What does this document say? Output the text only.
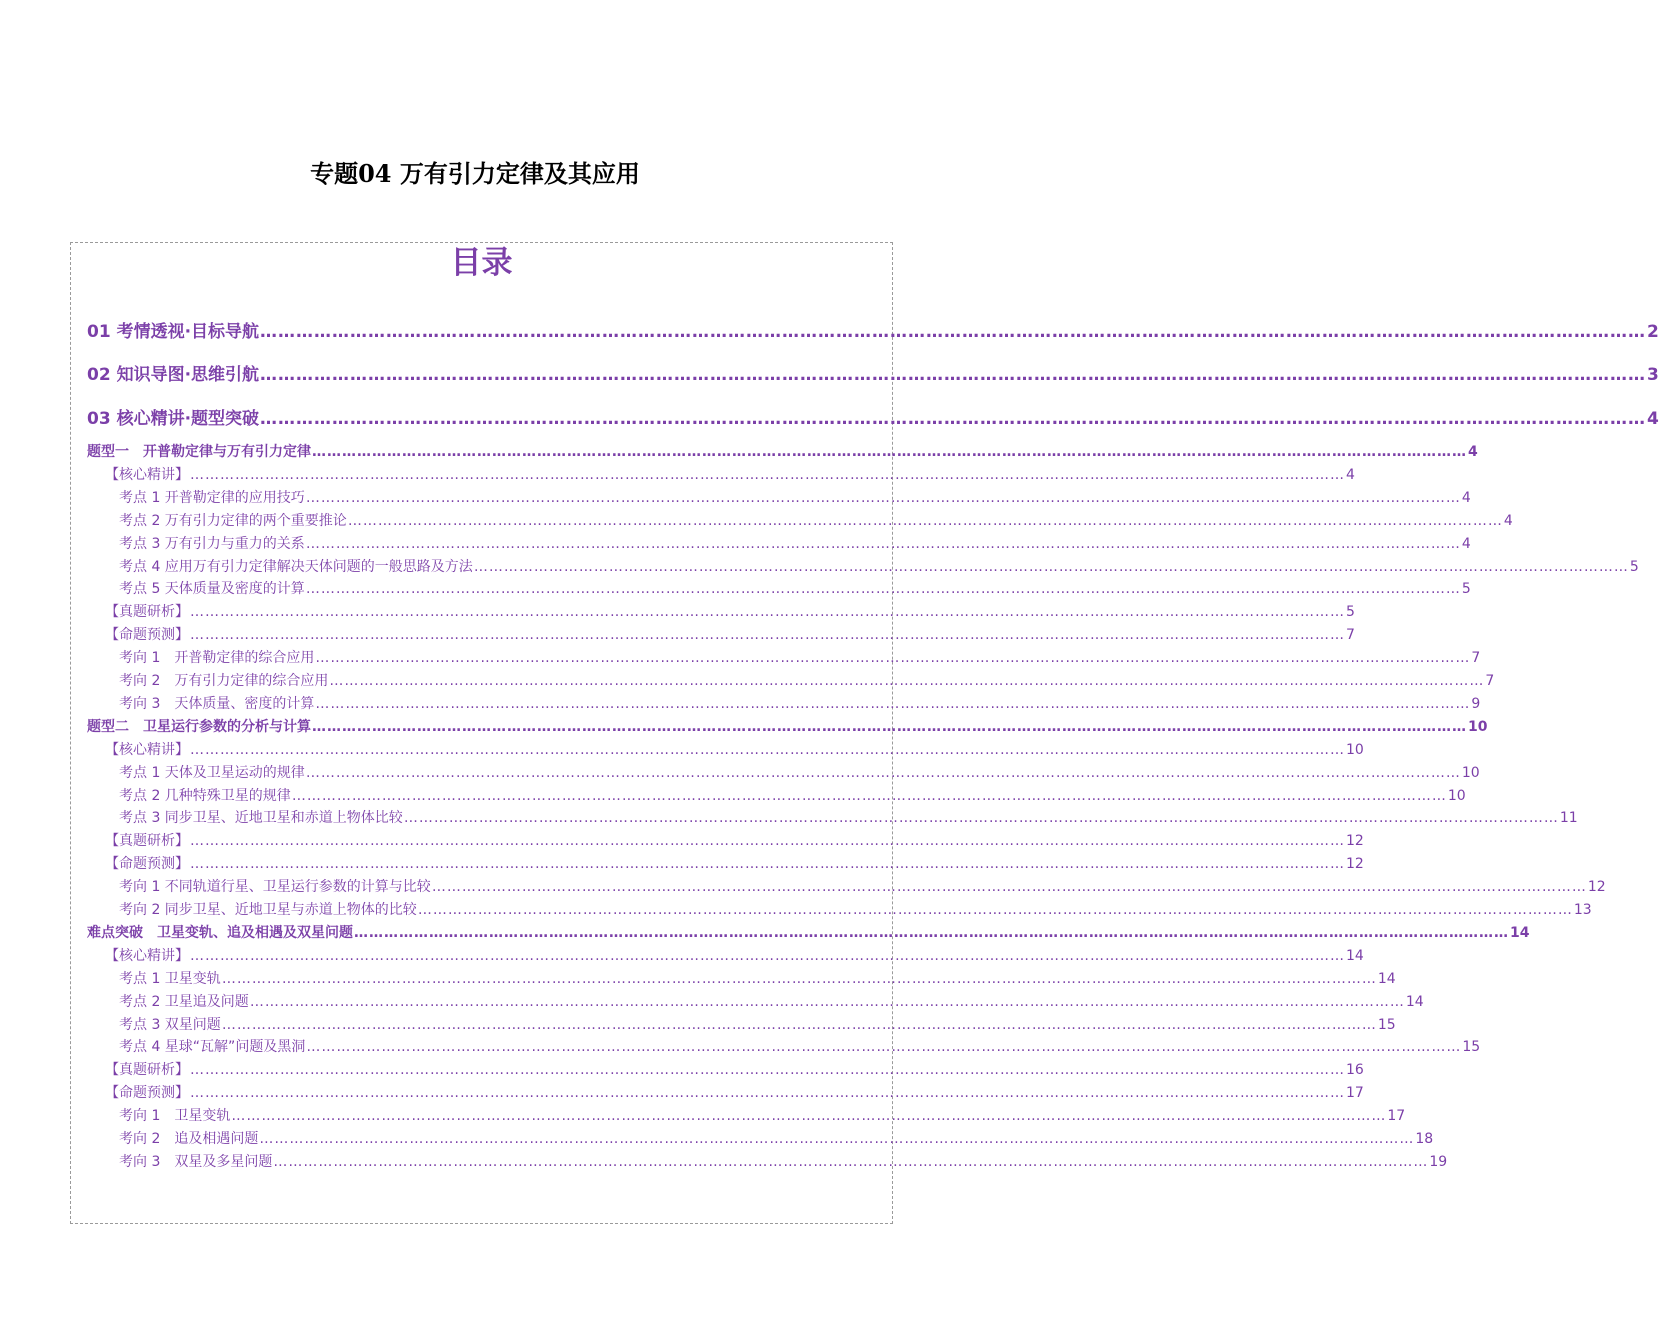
专题04 万有引力定律及其应用
目录
01 考情透视·目标导航 …………………………………………………………………………………………………………………………………………………………………………………………………………… 2
02 知识导图·思维引航 …………………………………………………………………………………………………………………………………………………………………………………………………………… 3
03 核心精讲·题型突破 …………………………………………………………………………………………………………………………………………………………………………………………………………… 4
题型一　开普勒定律与万有引力定律 …………………………………………………………………………………………………………………………………………………………………………………………………………… 4
【核心精讲】 …………………………………………………………………………………………………………………………………………………………………………………………………………… 4
考点 1 开普勒定律的应用技巧 …………………………………………………………………………………………………………………………………………………………………………………………………………… 4
考点 2 万有引力定律的两个重要推论 …………………………………………………………………………………………………………………………………………………………………………………………………………… 4
考点 3 万有引力与重力的关系 …………………………………………………………………………………………………………………………………………………………………………………………………………… 4
考点 4 应用万有引力定律解决天体问题的一般思路及方法 …………………………………………………………………………………………………………………………………………………………………………………………………………… 5
考点 5 天体质量及密度的计算 …………………………………………………………………………………………………………………………………………………………………………………………………………… 5
【真题研析】 …………………………………………………………………………………………………………………………………………………………………………………………………………… 5
【命题预测】 …………………………………………………………………………………………………………………………………………………………………………………………………………… 7
考向 1　开普勒定律的综合应用 …………………………………………………………………………………………………………………………………………………………………………………………………………… 7
考向 2　万有引力定律的综合应用 …………………………………………………………………………………………………………………………………………………………………………………………………………… 7
考向 3　天体质量、密度的计算 …………………………………………………………………………………………………………………………………………………………………………………………………………… 9
题型二　卫星运行参数的分析与计算 …………………………………………………………………………………………………………………………………………………………………………………………………………… 10
【核心精讲】 …………………………………………………………………………………………………………………………………………………………………………………………………………… 10
考点 1 天体及卫星运动的规律 …………………………………………………………………………………………………………………………………………………………………………………………………………… 10
考点 2 几种特殊卫星的规律 …………………………………………………………………………………………………………………………………………………………………………………………………………… 10
考点 3 同步卫星、近地卫星和赤道上物体比较 …………………………………………………………………………………………………………………………………………………………………………………………………………… 11
【真题研析】 …………………………………………………………………………………………………………………………………………………………………………………………………………… 12
【命题预测】 …………………………………………………………………………………………………………………………………………………………………………………………………………… 12
考向 1 不同轨道行星、卫星运行参数的计算与比较 …………………………………………………………………………………………………………………………………………………………………………………………………………… 12
考向 2 同步卫星、近地卫星与赤道上物体的比较 …………………………………………………………………………………………………………………………………………………………………………………………………………… 13
难点突破　卫星变轨、追及相遇及双星问题 …………………………………………………………………………………………………………………………………………………………………………………………………………… 14
【核心精讲】 …………………………………………………………………………………………………………………………………………………………………………………………………………… 14
考点 1 卫星变轨 …………………………………………………………………………………………………………………………………………………………………………………………………………… 14
考点 2 卫星追及问题 …………………………………………………………………………………………………………………………………………………………………………………………………………… 14
考点 3 双星问题 …………………………………………………………………………………………………………………………………………………………………………………………………………… 15
考点 4 星球“瓦解”问题及黑洞 …………………………………………………………………………………………………………………………………………………………………………………………………………… 15
【真题研析】 …………………………………………………………………………………………………………………………………………………………………………………………………………… 16
【命题预测】 …………………………………………………………………………………………………………………………………………………………………………………………………………… 17
考向 1　卫星变轨 …………………………………………………………………………………………………………………………………………………………………………………………………………… 17
考向 2　追及相遇问题 …………………………………………………………………………………………………………………………………………………………………………………………………………… 18
考向 3　双星及多星问题 …………………………………………………………………………………………………………………………………………………………………………………………………………… 19
